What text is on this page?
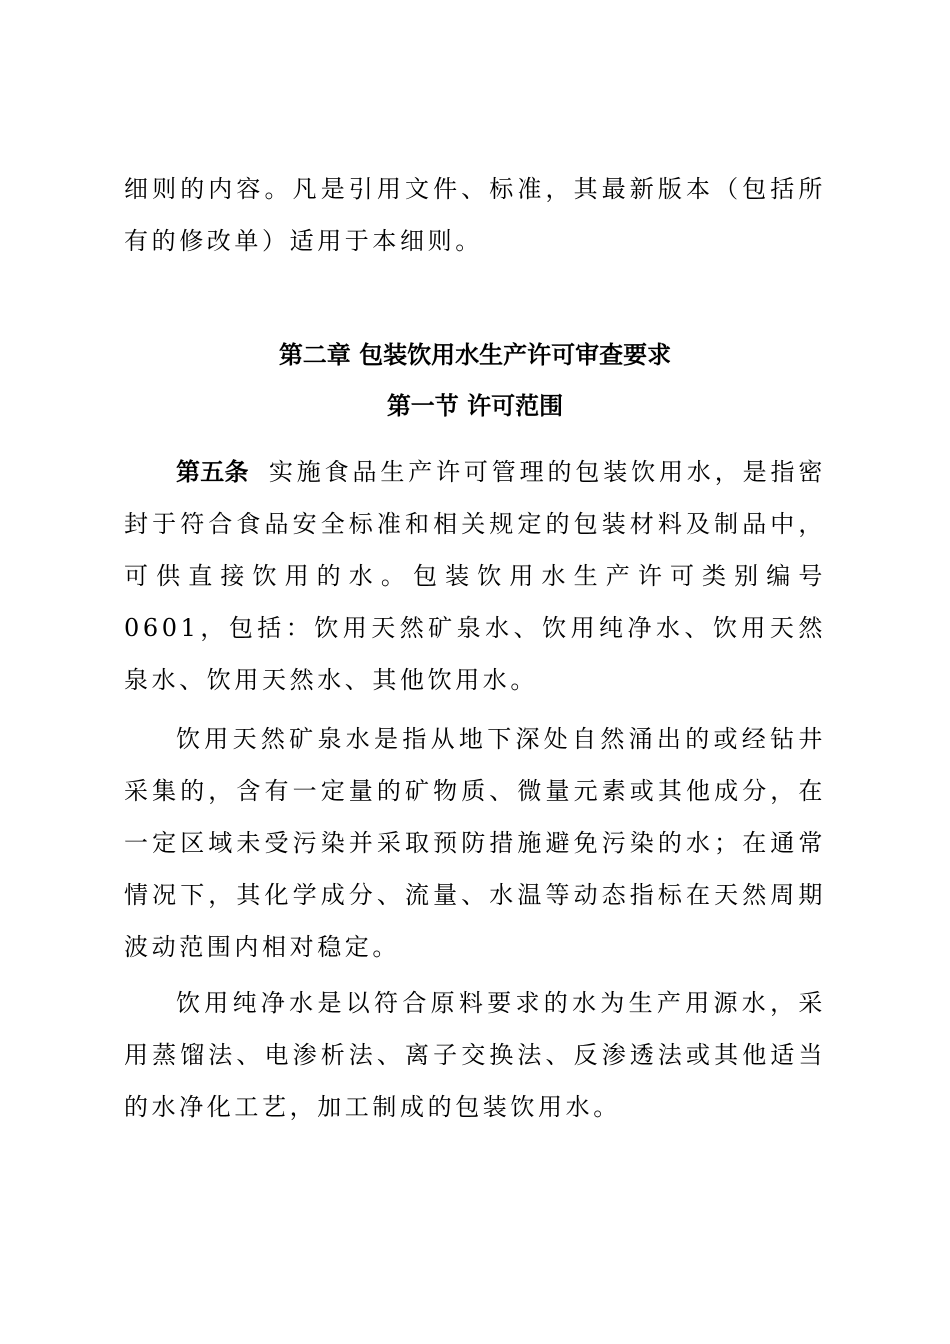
细则的内容。凡是引用文件、标准，其最新版本（包括所有的修改单）适用于本细则。

第二章 包装饮用水生产许可审查要求
第一节 许可范围

第五条 实施食品生产许可管理的包装饮用水，是指密封于符合食品安全标准和相关规定的包装材料及制品中，可供直接饮用的水。包装饮用水生产许可类别编号 0601，包括：饮用天然矿泉水、饮用纯净水、饮用天然泉水、饮用天然水、其他饮用水。

饮用天然矿泉水是指从地下深处自然涌出的或经钻井采集的，含有一定量的矿物质、微量元素或其他成分，在一定区域未受污染并采取预防措施避免污染的水；在通常情况下，其化学成分、流量、水温等动态指标在天然周期波动范围内相对稳定。

饮用纯净水是以符合原料要求的水为生产用源水，采用蒸馏法、电渗析法、离子交换法、反渗透法或其他适当的水净化工艺，加工制成的包装饮用水。
